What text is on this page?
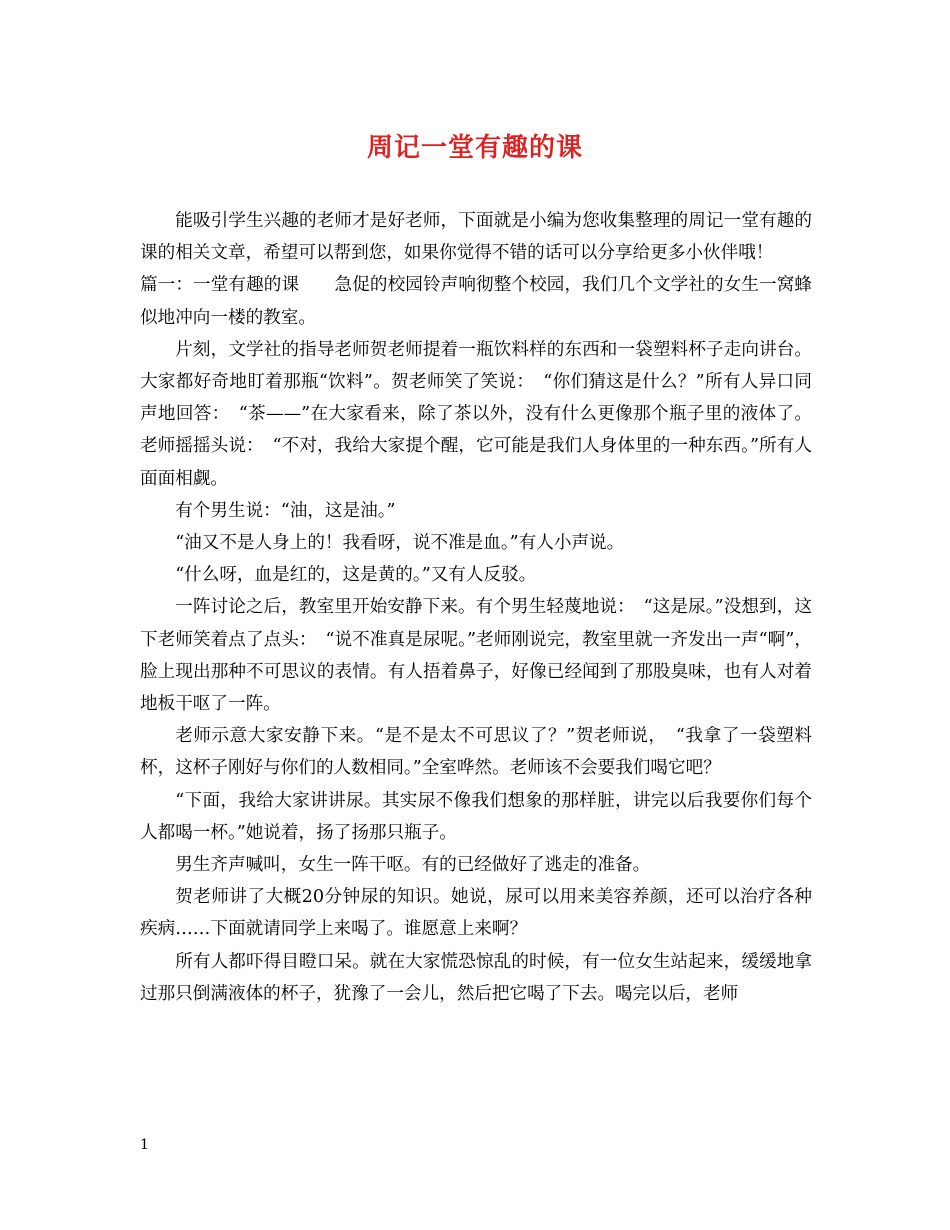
周记一堂有趣的课

能吸引学生兴趣的老师才是好老师，下面就是小编为您收集整理的周记一堂有趣的课的相关文章，希望可以帮到您，如果你觉得不错的话可以分享给更多小伙伴哦！

篇一：一堂有趣的课　　急促的校园铃声响彻整个校园，我们几个文学社的女生一窝蜂似地冲向一楼的教室。

片刻，文学社的指导老师贺老师提着一瓶饮料样的东西和一袋塑料杯子走向讲台。大家都好奇地盯着那瓶“饮料”。贺老师笑了笑说：　“你们猜这是什么？”所有人异口同声地回答：　“茶——”在大家看来，除了茶以外，没有什么更像那个瓶子里的液体了。老师摇摇头说：　“不对，我给大家提个醒，它可能是我们人身体里的一种东西。”所有人面面相觑。

有个男生说：“油，这是油。”

“油又不是人身上的！我看呀，说不准是血。”有人小声说。

“什么呀，血是红的，这是黄的。”又有人反驳。

一阵讨论之后，教室里开始安静下来。有个男生轻蔑地说：　“这是尿。”没想到，这下老师笑着点了点头：　“说不准真是尿呢。”老师刚说完，教室里就一齐发出一声“啊”，脸上现出那种不可思议的表情。有人捂着鼻子，好像已经闻到了那股臭味，也有人对着地板干呕了一阵。

老师示意大家安静下来。“是不是太不可思议了？”贺老师说，　“我拿了一袋塑料杯，这杯子刚好与你们的人数相同。”全室哗然。老师该不会要我们喝它吧？

“下面，我给大家讲讲尿。其实尿不像我们想象的那样脏，讲完以后我要你们每个人都喝一杯。”她说着，扬了扬那只瓶子。

男生齐声喊叫，女生一阵干呕。有的已经做好了逃走的准备。

贺老师讲了大概20分钟尿的知识。她说，尿可以用来美容养颜，还可以治疗各种疾病……下面就请同学上来喝了。谁愿意上来啊？

所有人都吓得目瞪口呆。就在大家慌恐惊乱的时候，有一位女生站起来，缓缓地拿过那只倒满液体的杯子，犹豫了一会儿，然后把它喝了下去。喝完以后，老师

1
